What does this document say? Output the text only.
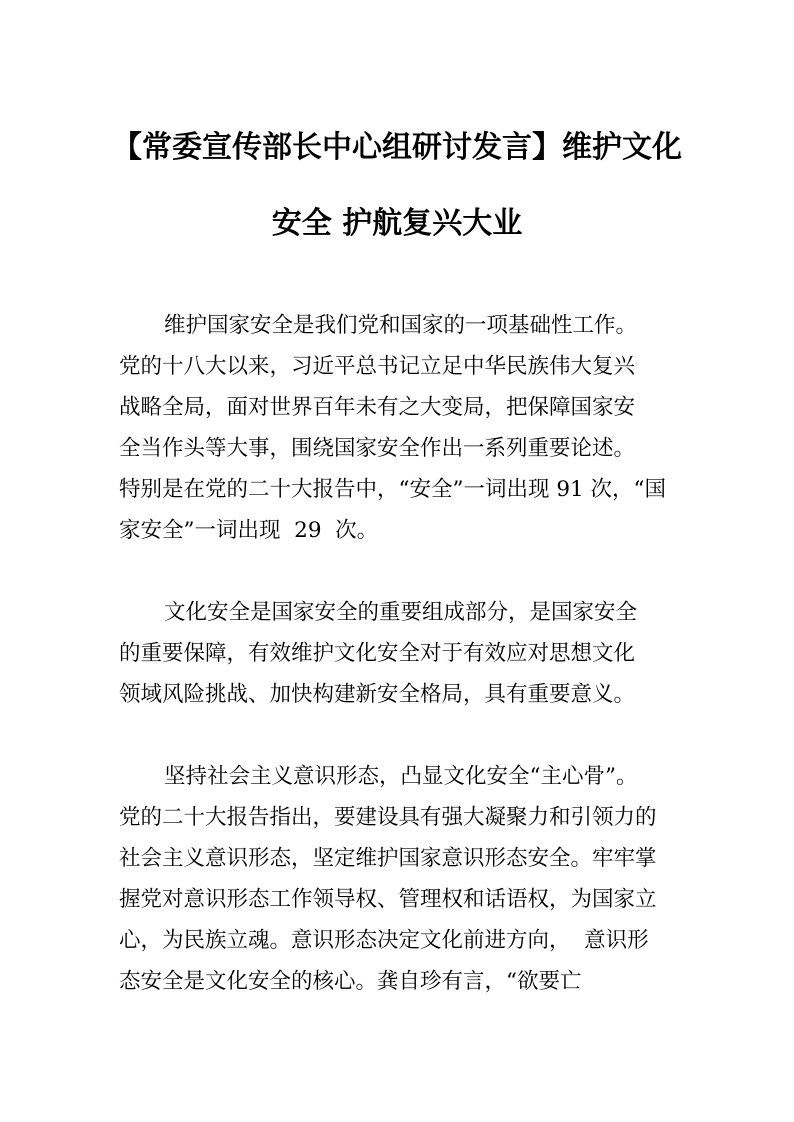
【常委宣传部长中心组研讨发言】维护文化
安全 护航复兴大业
维护国家安全是我们党和国家的一项基础性工作。
党的十八大以来，习近平总书记立足中华民族伟大复兴
战略全局，面对世界百年未有之大变局，把保障国家安
全当作头等大事，围绕国家安全作出一系列重要论述。
特别是在党的二十大报告中，“安全”一词出现 91 次，“国
家安全”一词出现  29  次。
文化安全是国家安全的重要组成部分，是国家安全
的重要保障，有效维护文化安全对于有效应对思想文化
领域风险挑战、加快构建新安全格局，具有重要意义。
坚持社会主义意识形态，凸显文化安全“主心骨”。
党的二十大报告指出，要建设具有强大凝聚力和引领力的
社会主义意识形态，坚定维护国家意识形态安全。牢牢掌
握党对意识形态工作领导权、管理权和话语权，为国家立
心，为民族立魂。意识形态决定文化前进方向，  意识形
态安全是文化安全的核心。龚自珍有言，“欲要亡
